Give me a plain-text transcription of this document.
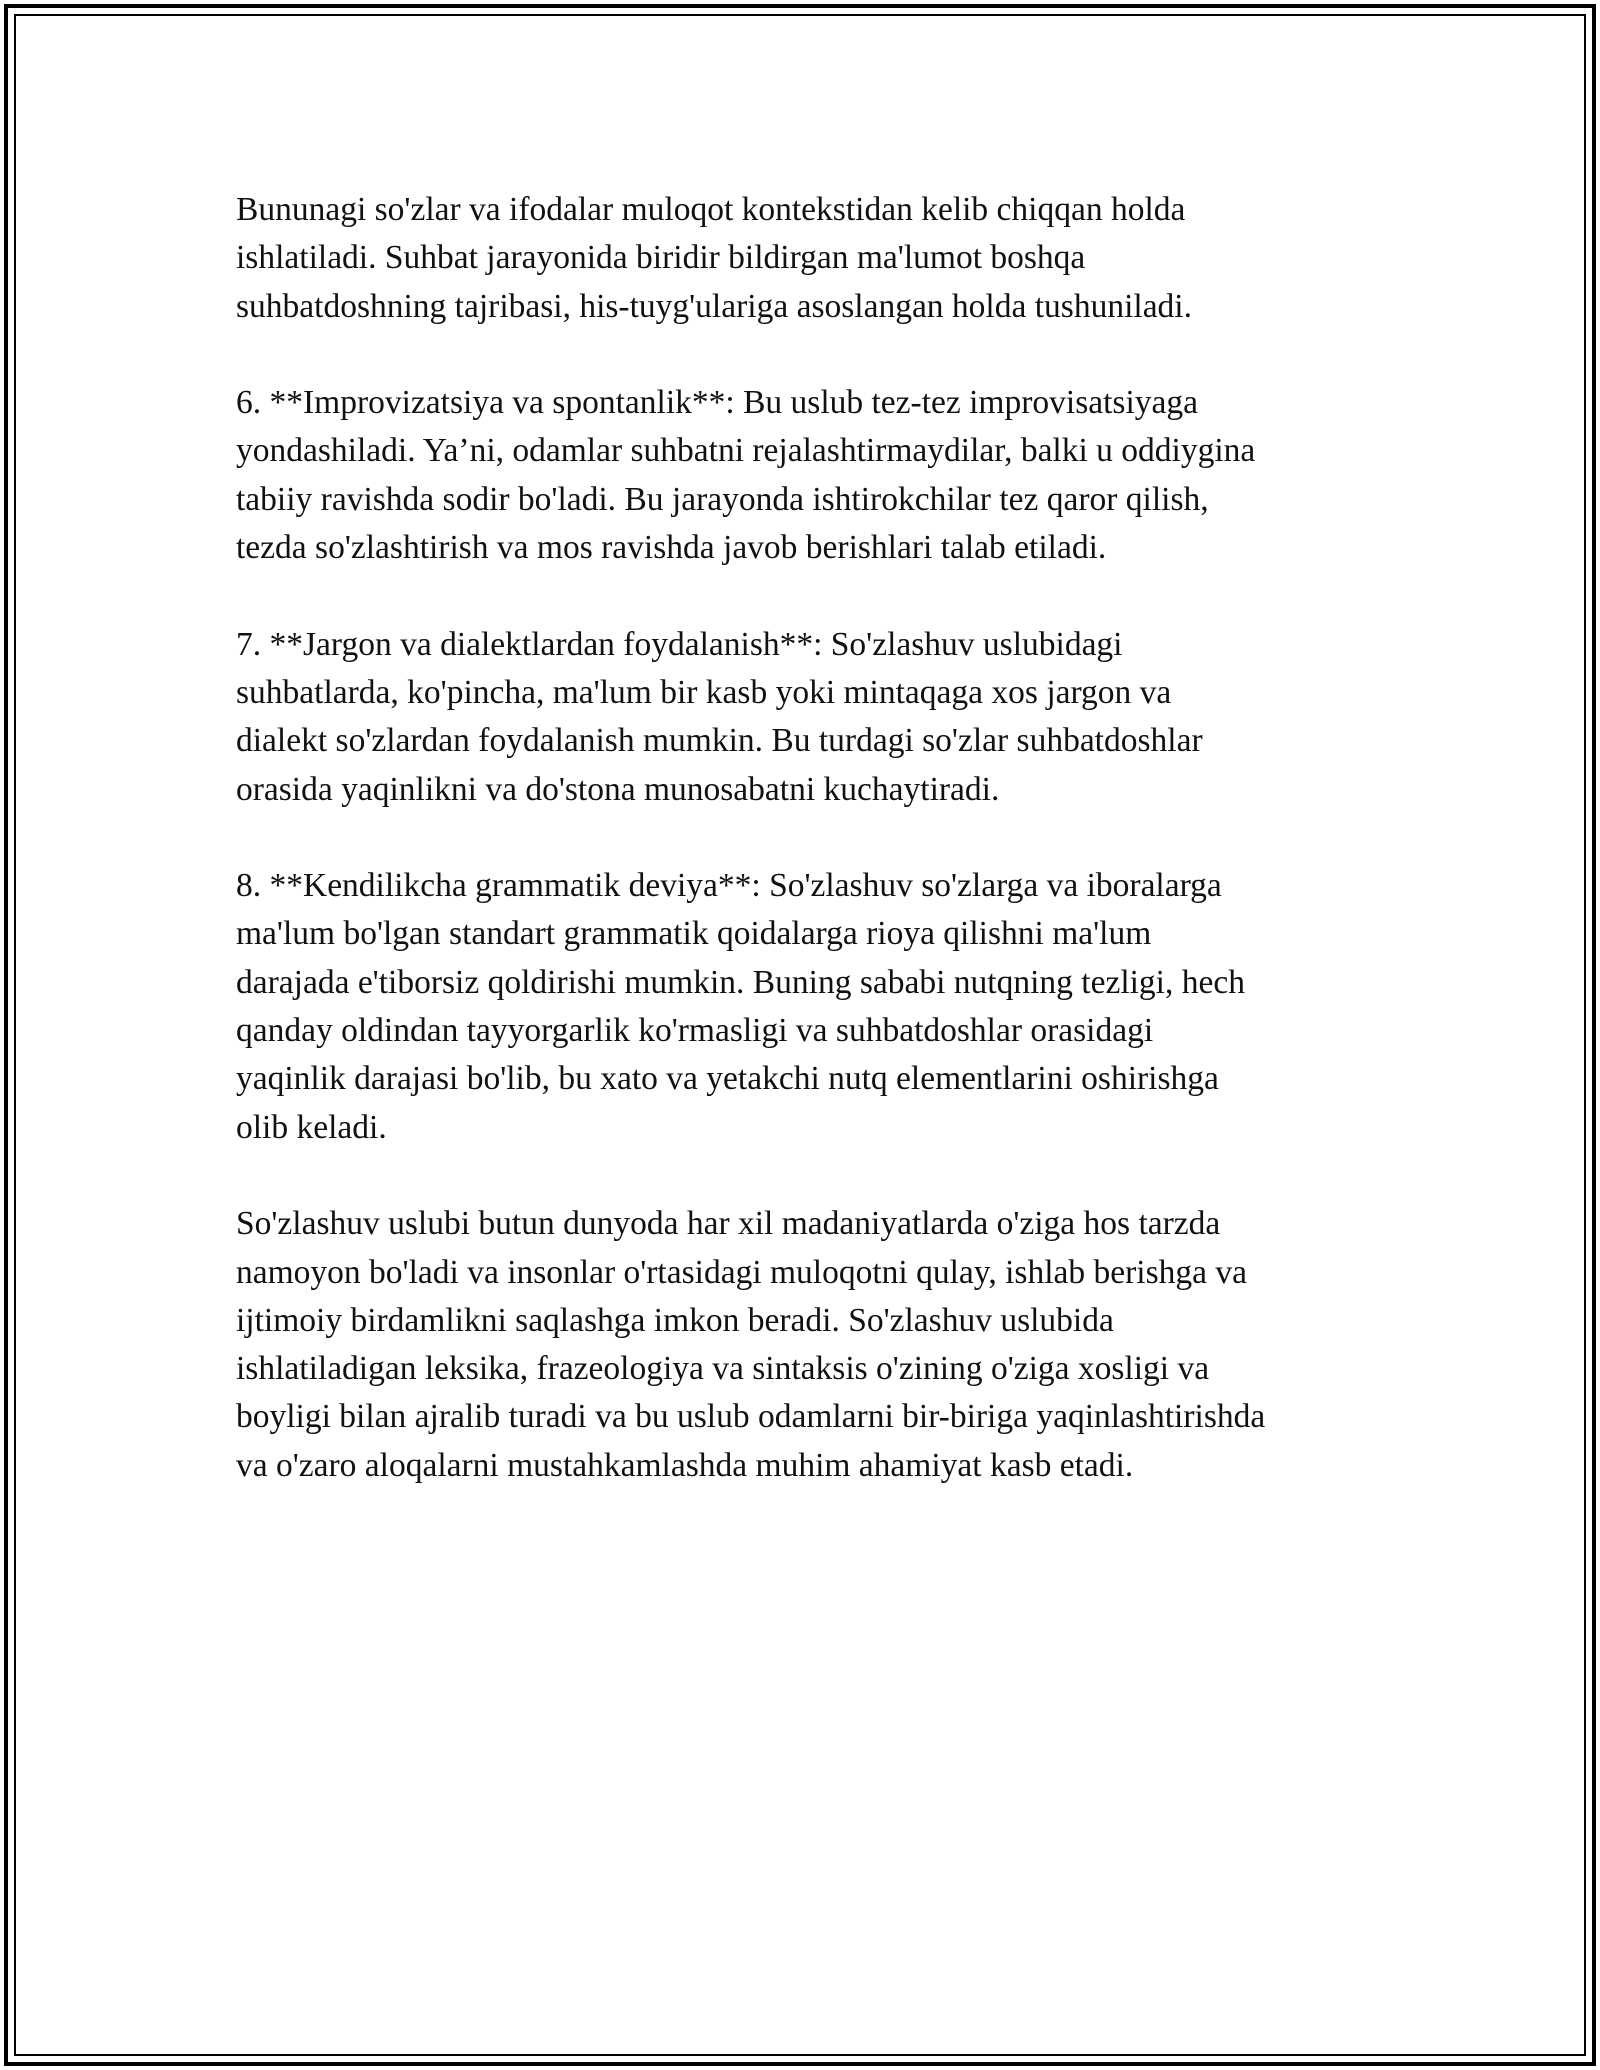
Bununagi so'zlar va ifodalar muloqot kontekstidan kelib chiqqan holda
ishlatiladi. Suhbat jarayonida biridir bildirgan ma'lumot boshqa
suhbatdoshning tajribasi, his-tuyg'ulariga asoslangan holda tushuniladi.

6. **Improvizatsiya va spontanlik**: Bu uslub tez-tez improvisatsiyaga
yondashiladi. Ya’ni, odamlar suhbatni rejalashtirmaydilar, balki u oddiygina
tabiiy ravishda sodir bo'ladi. Bu jarayonda ishtirokchilar tez qaror qilish,
tezda so'zlashtirish va mos ravishda javob berishlari talab etiladi.

7. **Jargon va dialektlardan foydalanish**: So'zlashuv uslubidagi
suhbatlarda, ko'pincha, ma'lum bir kasb yoki mintaqaga xos jargon va
dialekt so'zlardan foydalanish mumkin. Bu turdagi so'zlar suhbatdoshlar
orasida yaqinlikni va do'stona munosabatni kuchaytiradi.

8. **Kendilikcha grammatik deviya**: So'zlashuv so'zlarga va iboralarga
ma'lum bo'lgan standart grammatik qoidalarga rioya qilishni ma'lum
darajada e'tiborsiz qoldirishi mumkin. Buning sababi nutqning tezligi, hech
qanday oldindan tayyorgarlik ko'rmasligi va suhbatdoshlar orasidagi
yaqinlik darajasi bo'lib, bu xato va yetakchi nutq elementlarini oshirishga
olib keladi.

So'zlashuv uslubi butun dunyoda har xil madaniyatlarda o'ziga hos tarzda
namoyon bo'ladi va insonlar o'rtasidagi muloqotni qulay, ishlab berishga va
ijtimoiy birdamlikni saqlashga imkon beradi. So'zlashuv uslubida
ishlatiladigan leksika, frazeologiya va sintaksis o'zining o'ziga xosligi va
boyligi bilan ajralib turadi va bu uslub odamlarni bir-biriga yaqinlashtirishda
va o'zaro aloqalarni mustahkamlashda muhim ahamiyat kasb etadi.
